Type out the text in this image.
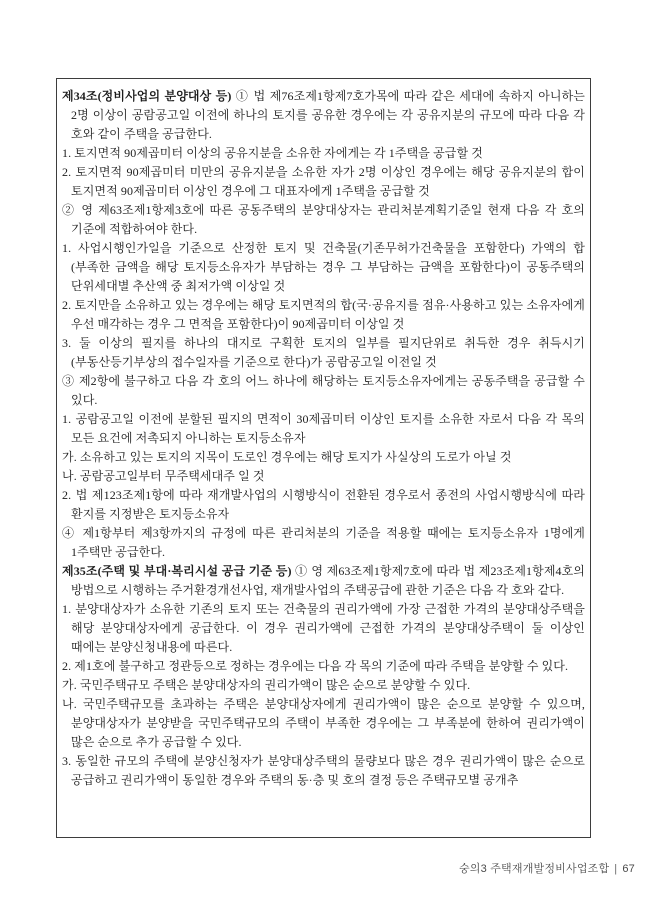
제34조(정비사업의 분양대상 등) ① 법 제76조제1항제7호가목에 따라 같은 세대에 속하지 아니하는 2명 이상이 공람공고일 이전에 하나의 토지를 공유한 경우에는 각 공유지분의 규모에 따라 다음 각 호와 같이 주택을 공급한다.

1. 토지면적 90제곱미터 이상의 공유지분을 소유한 자에게는 각 1주택을 공급할 것

2. 토지면적 90제곱미터 미만의 공유지분을 소유한 자가 2명 이상인 경우에는 해당 공유지분의 합이 토지면적 90제곱미터 이상인 경우에 그 대표자에게 1주택을 공급할 것

② 영 제63조제1항제3호에 따른 공동주택의 분양대상자는 관리처분계획기준일 현재 다음 각 호의 기준에 적합하여야 한다.

1. 사업시행인가일을 기준으로 산정한 토지 및 건축물(기존무허가건축물을 포함한다) 가액의 합(부족한 금액을 해당 토지등소유자가 부담하는 경우 그 부담하는 금액을 포함한다)이 공동주택의 단위세대별 추산액 중 최저가액 이상일 것

2. 토지만을 소유하고 있는 경우에는 해당 토지면적의 합(국·공유지를 점유·사용하고 있는 소유자에게 우선 매각하는 경우 그 면적을 포함한다)이 90제곱미터 이상일 것

3. 둘 이상의 필지를 하나의 대지로 구획한 토지의 일부를 필지단위로 취득한 경우 취득시기(부동산등기부상의 접수일자를 기준으로 한다)가 공람공고일 이전일 것

③ 제2항에 불구하고 다음 각 호의 어느 하나에 해당하는 토지등소유자에게는 공동주택을 공급할 수 있다.

1. 공람공고일 이전에 분할된 필지의 면적이 30제곱미터 이상인 토지를 소유한 자로서 다음 각 목의 모든 요건에 저촉되지 아니하는 토지등소유자

가. 소유하고 있는 토지의 지목이 도로인 경우에는 해당 토지가 사실상의 도로가 아닐 것

나. 공람공고일부터 무주택세대주 일 것

2. 법 제123조제1항에 따라 재개발사업의 시행방식이 전환된 경우로서 종전의 사업시행방식에 따라 환지를 지정받은 토지등소유자

④ 제1항부터 제3항까지의 규정에 따른 관리처분의 기준을 적용할 때에는 토지등소유자 1명에게 1주택만 공급한다.

제35조(주택 및 부대·복리시설 공급 기준 등) ① 영 제63조제1항제7호에 따라 법 제23조제1항제4호의 방법으로 시행하는 주거환경개선사업, 재개발사업의 주택공급에 관한 기준은 다음 각 호와 같다.

1. 분양대상자가 소유한 기존의 토지 또는 건축물의 권리가액에 가장 근접한 가격의 분양대상주택을 해당 분양대상자에게 공급한다. 이 경우 권리가액에 근접한 가격의 분양대상주택이 둘 이상인 때에는 분양신청내용에 따른다.

2. 제1호에 불구하고 정관등으로 정하는 경우에는 다음 각 목의 기준에 따라 주택을 분양할 수 있다.

가. 국민주택규모 주택은 분양대상자의 권리가액이 많은 순으로 분양할 수 있다.

나. 국민주택규모를 초과하는 주택은 분양대상자에게 권리가액이 많은 순으로 분양할 수 있으며, 분양대상자가 분양받을 국민주택규모의 주택이 부족한 경우에는 그 부족분에 한하여 권리가액이 많은 순으로 추가 공급할 수 있다.

3. 동일한 규모의 주택에 분양신청자가 분양대상주택의 물량보다 많은 경우 권리가액이 많은 순으로 공급하고 권리가액이 동일한 경우와 주택의 동·층 및 호의 결정 등은 주택규모별 공개추

숭의3 주택재개발정비사업조합 | 67
